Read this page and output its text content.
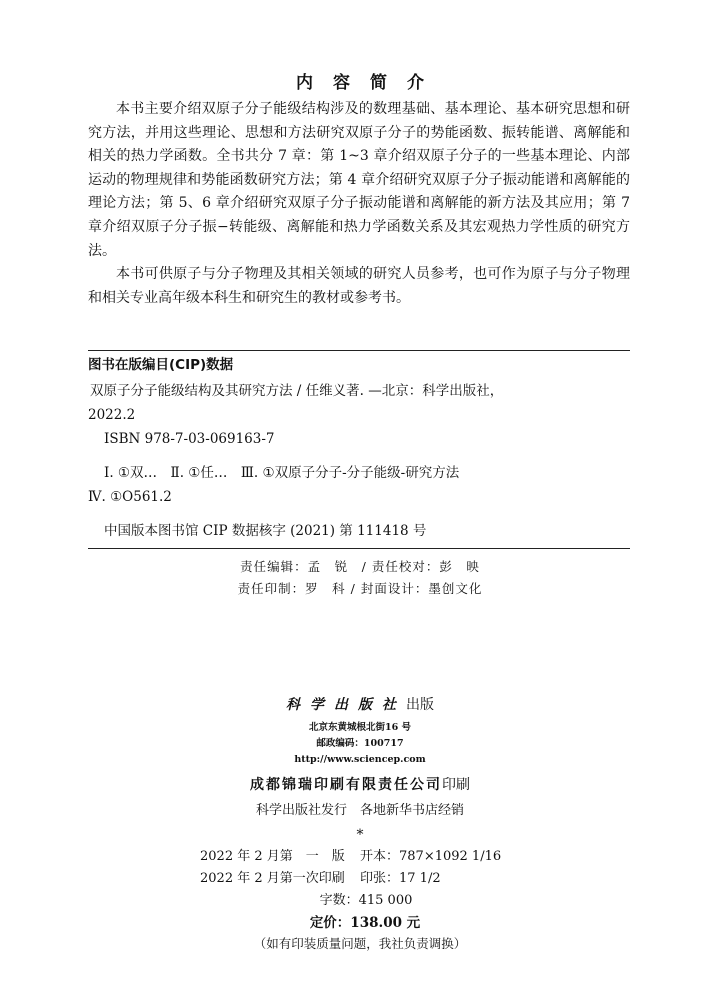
内容简介

本书主要介绍双原子分子能级结构涉及的数理基础、基本理论、基本研究思想和研究方法，并用这些理论、思想和方法研究双原子分子的势能函数、振转能谱、离解能和相关的热力学函数。全书共分 7 章：第 1~3 章介绍双原子分子的一些基本理论、内部运动的物理规律和势能函数研究方法；第 4 章介绍研究双原子分子振动能谱和离解能的理论方法；第 5、6 章介绍研究双原子分子振动能谱和离解能的新方法及其应用；第 7 章介绍双原子分子振−转能级、离解能和热力学函数关系及其宏观热力学性质的研究方法。

本书可供原子与分子物理及其相关领域的研究人员参考，也可作为原子与分子物理和相关专业高年级本科生和研究生的教材或参考书。

图书在版编目(CIP)数据
双原子分子能级结构及其研究方法 / 任维义著. —北京：科学出版社，
2022.2
ISBN 978-7-03-069163-7
Ⅰ. ①双…　Ⅱ. ①任…　Ⅲ. ①双原子分子-分子能级-研究方法
Ⅳ. ①O561.2
中国版本图书馆 CIP 数据核字 (2021) 第 111418 号
责任编辑：孟　锐　/ 责任校对：彭　映
责任印制：罗　科 / 封面设计：墨创文化
科学出版社出版
北京东黄城根北街16 号
邮政编码：100717
http://www.sciencep.com
成都锦瑞印刷有限责任公司印刷
科学出版社发行　各地新华书店经销
*
2022 年 2 月第　一　版 开本：787×1092 1/16
2022 年 2 月第一次印刷 印张：17 1/2
字数：415 000
定价：138.00 元
（如有印装质量问题，我社负责调换）
